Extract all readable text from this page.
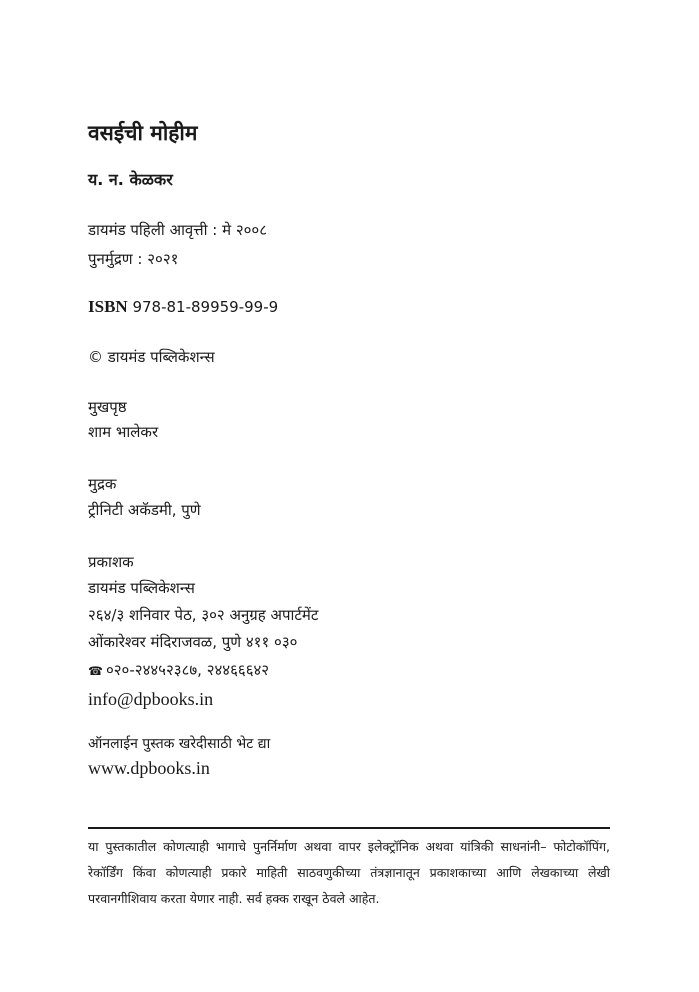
वसईची मोहीम
य. न. केळकर
डायमंड पहिली आवृत्ती : मे २००८
पुनर्मुद्रण : २०२१
ISBN 978-81-89959-99-9
© डायमंड पब्लिकेशन्स
मुखपृष्ठ
शाम भालेकर
मुद्रक
ट्रीनिटी अकॅडमी, पुणे
प्रकाशक
डायमंड पब्लिकेशन्स
२६४/३ शनिवार पेठ, ३०२ अनुग्रह अपार्टमेंट
ओंकारेश्वर मंदिराजवळ, पुणे ४११ ०३०
☎ ०२०-२४४५२३८७, २४४६६६४२
info@dpbooks.in
ऑनलाईन पुस्तक खरेदीसाठी भेट द्या
www.dpbooks.in
या पुस्तकातील कोणत्याही भागाचे पुनर्निर्माण अथवा वापर इलेक्ट्रॉनिक अथवा यांत्रिकी साधनांनी– फोटोकॉपिंग, रेकॉर्डिंग किंवा कोणत्याही प्रकारे माहिती साठवणुकीच्या तंत्रज्ञानातून प्रकाशकाच्या आणि लेखकाच्या लेखी परवानगीशिवाय करता येणार नाही. सर्व हक्क राखून ठेवले आहेत.
